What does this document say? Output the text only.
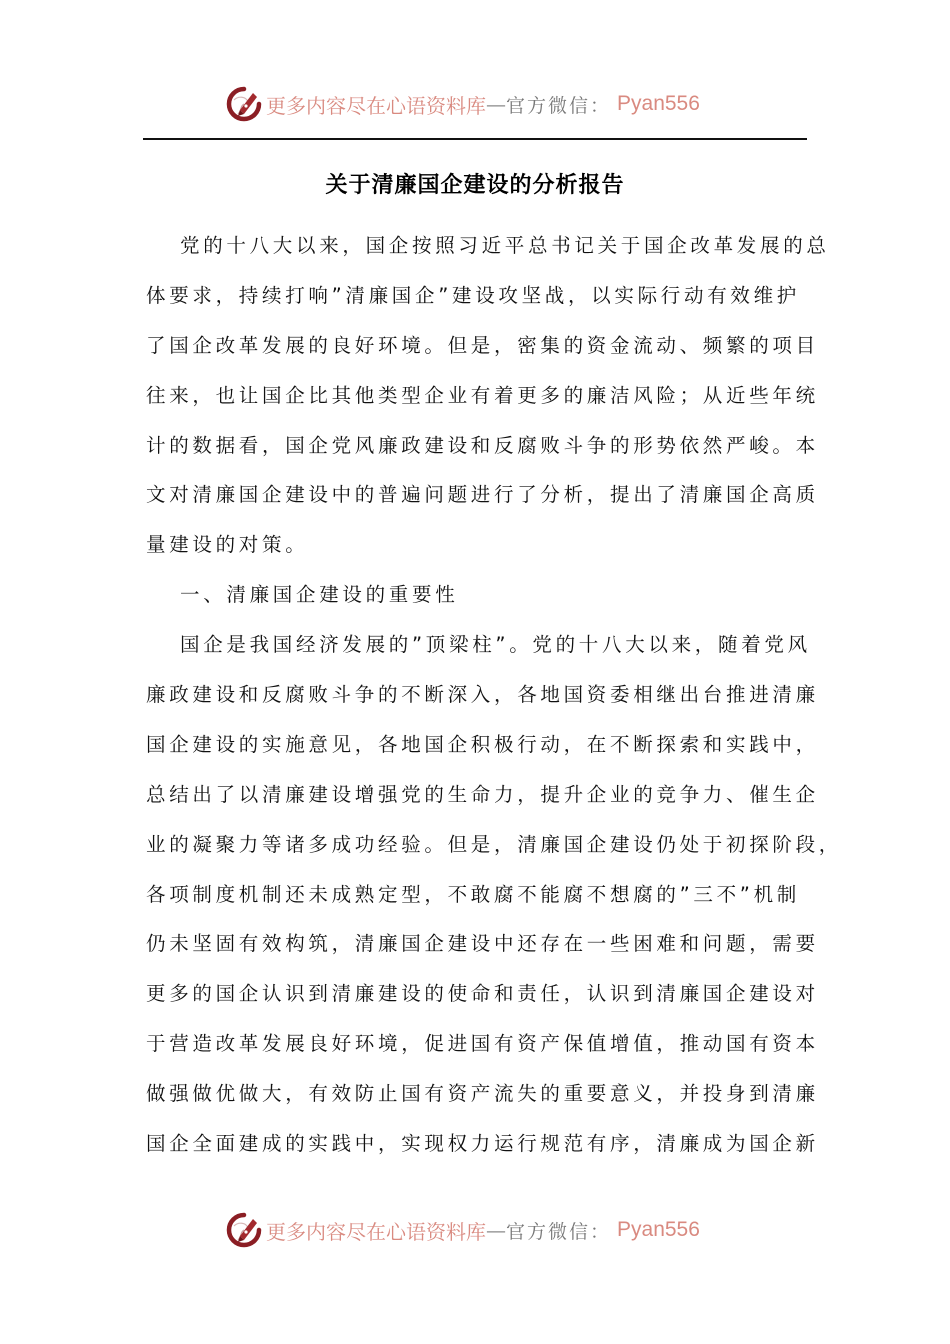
更多内容尽在心语资料库 — 官方微信： Pyan556
关于清廉国企建设的分析报告
党的十八大以来，国企按照习近平总书记关于国企改革发展的总
体要求，持续打响”清廉国企”建设攻坚战，以实际行动有效维护
了国企改革发展的良好环境。但是，密集的资金流动、频繁的项目
往来，也让国企比其他类型企业有着更多的廉洁风险；从近些年统
计的数据看，国企党风廉政建设和反腐败斗争的形势依然严峻。本
文对清廉国企建设中的普遍问题进行了分析，提出了清廉国企高质
量建设的对策。
一、清廉国企建设的重要性
国企是我国经济发展的”顶梁柱”。党的十八大以来，随着党风
廉政建设和反腐败斗争的不断深入，各地国资委相继出台推进清廉
国企建设的实施意见，各地国企积极行动，在不断探索和实践中，
总结出了以清廉建设增强党的生命力，提升企业的竞争力、催生企
业的凝聚力等诸多成功经验。但是，清廉国企建设仍处于初探阶段，
各项制度机制还未成熟定型，不敢腐不能腐不想腐的”三不”机制
仍未坚固有效构筑，清廉国企建设中还存在一些困难和问题，需要
更多的国企认识到清廉建设的使命和责任，认识到清廉国企建设对
于营造改革发展良好环境，促进国有资产保值增值，推动国有资本
做强做优做大，有效防止国有资产流失的重要意义，并投身到清廉
国企全面建成的实践中，实现权力运行规范有序，清廉成为国企新
更多内容尽在心语资料库 — 官方微信： Pyan556
